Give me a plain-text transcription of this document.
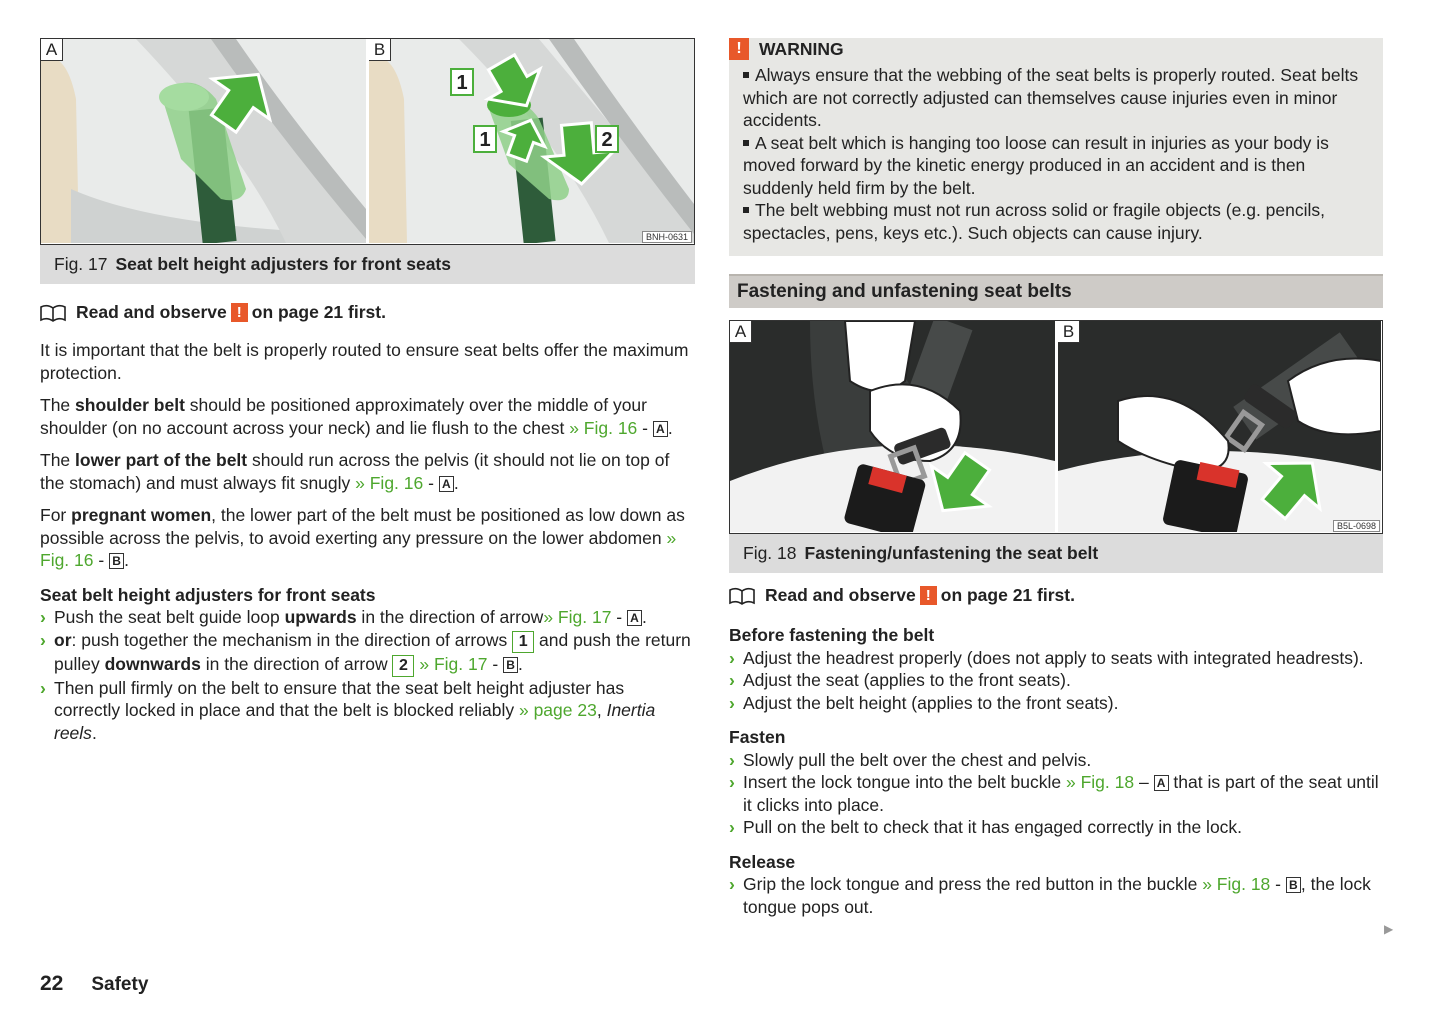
A	B
1
1	2
BNH-0631
Fig. 17 Seat belt height adjusters for front seats
Read and observe ! on page 21 first.

It is important that the belt is properly routed to ensure seat belts offer the maximum protection.

The shoulder belt should be positioned approximately over the middle of your shoulder (on no account across your neck) and lie flush to the chest » Fig. 16 - A .

The lower part of the belt should run across the pelvis (it should not lie on top of the stomach) and must always fit snugly » Fig. 16 - A .

For pregnant women, the lower part of the belt must be positioned as low down as possible across the pelvis, to avoid exerting any pressure on the lower abdomen » Fig. 16 - B .

Seat belt height adjusters for front seats
› Push the seat belt guide loop upwards in the direction of arrow» Fig. 17 - A .
› or: push together the mechanism in the direction of arrows 1 and push the return pulley downwards in the direction of arrow 2 » Fig. 17 - B .
› Then pull firmly on the belt to ensure that the seat belt height adjuster has correctly locked in place and that the belt is blocked reliably » page 23, Inertia reels.
! WARNING
Always ensure that the webbing of the seat belts is properly routed. Seat belts which are not correctly adjusted can themselves cause injuries even in minor accidents.
A seat belt which is hanging too loose can result in injuries as your body is moved forward by the kinetic energy produced in an accident and is then suddenly held firm by the belt.
The belt webbing must not run across solid or fragile objects (e.g. pencils, spectacles, pens, keys etc.). Such objects can cause injury.
Fastening and unfastening seat belts
A	B
B5L-0698
Fig. 18 Fastening/unfastening the seat belt
Read and observe ! on page 21 first.
Before fastening the belt
› Adjust the headrest properly (does not apply to seats with integrated headrests).
› Adjust the seat (applies to the front seats).
› Adjust the belt height (applies to the front seats).
Fasten
› Slowly pull the belt over the chest and pelvis.
› Insert the lock tongue into the belt buckle » Fig. 18 – A that is part of the seat until it clicks into place.
› Pull on the belt to check that it has engaged correctly in the lock.
Release
› Grip the lock tongue and press the red button in the buckle » Fig. 18 - B , the lock tongue pops out.
▶
22 Safety
